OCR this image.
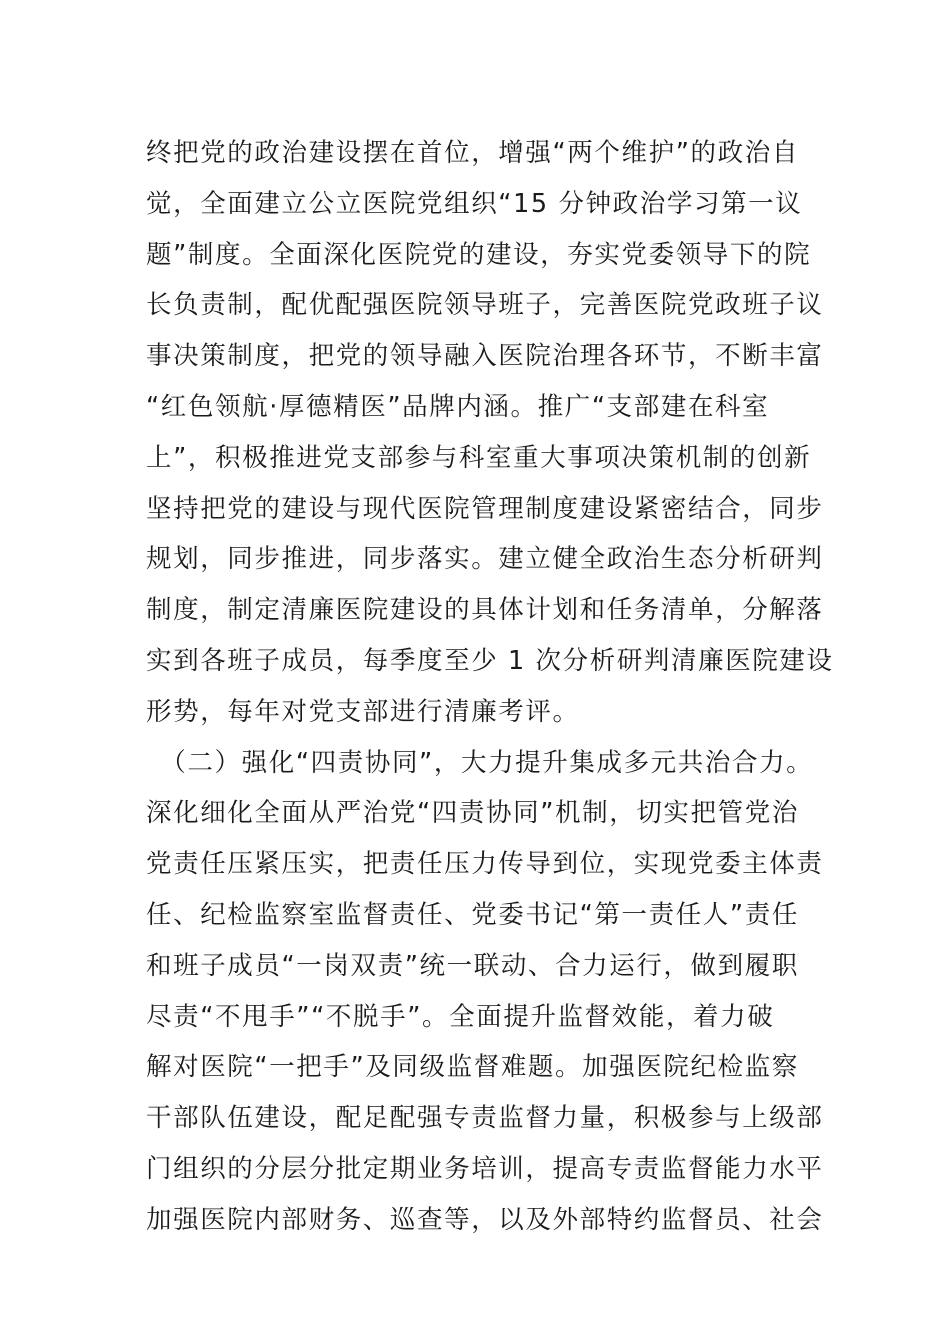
终把党的政治建设摆在首位，增强“两个维护”的政治自
觉，全面建立公立医院党组织“15 分钟政治学习第一议
题”制度。全面深化医院党的建设，夯实党委领导下的院
长负责制，配优配强医院领导班子，完善医院党政班子议
事决策制度，把党的领导融入医院治理各环节，不断丰富
“红色领航·厚德精医”品牌内涵。推广“支部建在科室
上”，积极推进党支部参与科室重大事项决策机制的创新
坚持把党的建设与现代医院管理制度建设紧密结合，同步
规划，同步推进，同步落实。建立健全政治生态分析研判
制度，制定清廉医院建设的具体计划和任务清单，分解落
实到各班子成员，每季度至少 1 次分析研判清廉医院建设
形势，每年对党支部进行清廉考评。
　（二）强化“四责协同”，大力提升集成多元共治合力。
深化细化全面从严治党“四责协同”机制，切实把管党治
党责任压紧压实，把责任压力传导到位，实现党委主体责
任、纪检监察室监督责任、党委书记“第一责任人”责任
和班子成员“一岗双责”统一联动、合力运行，做到履职
尽责“不甩手”“不脱手”。全面提升监督效能，着力破
解对医院“一把手”及同级监督难题。加强医院纪检监察
干部队伍建设，配足配强专责监督力量，积极参与上级部
门组织的分层分批定期业务培训，提高专责监督能力水平
加强医院内部财务、巡查等，以及外部特约监督员、社会
